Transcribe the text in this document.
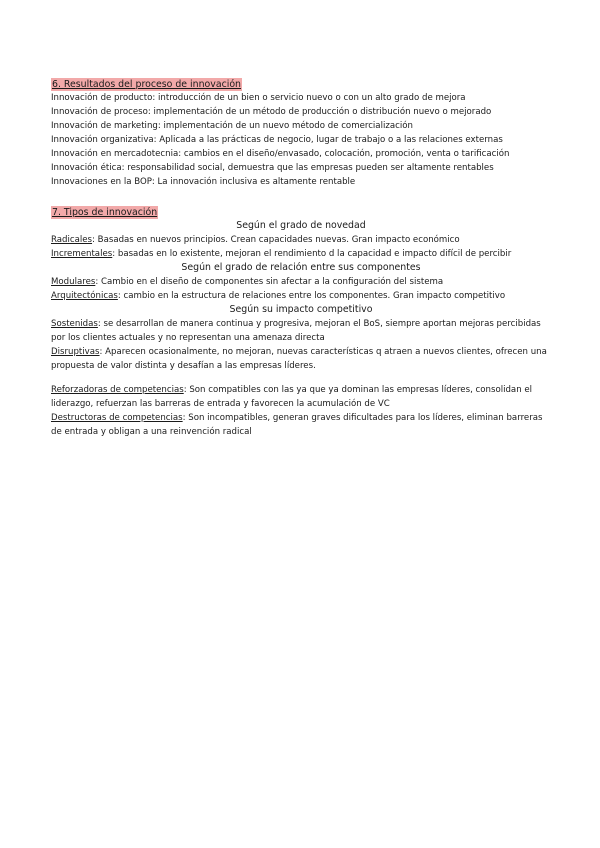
6. Resultados del proceso de innovación

Innovación de producto: introducción de un bien o servicio nuevo o con un alto grado de mejora

Innovación de proceso: implementación de un método de producción o distribución nuevo o mejorado

Innovación de marketing: implementación de un nuevo método de comercialización

Innovación organizativa: Aplicada a las prácticas de negocio, lugar de trabajo o a las relaciones externas

Innovación en mercadotecnia: cambios en el diseño/envasado, colocación, promoción, venta o tarificación

Innovación ética: responsabilidad social, demuestra que las empresas pueden ser altamente rentables

Innovaciones en la BOP: La innovación inclusiva es altamente rentable

7. Tipos de innovación

Según el grado de novedad

Radicales: Basadas en nuevos principios. Crean capacidades nuevas. Gran impacto económico

Incrementales: basadas en lo existente, mejoran el rendimiento d la capacidad e impacto difícil de percibir

Según el grado de relación entre sus componentes

Modulares: Cambio en el diseño de componentes sin afectar a la configuración del sistema

Arquitectónicas: cambio en la estructura de relaciones entre los componentes. Gran impacto competitivo

Según su impacto competitivo

Sostenidas: se desarrollan de manera continua y progresiva, mejoran el BoS, siempre aportan mejoras percibidas por los clientes actuales y no representan una amenaza directa

Disruptivas: Aparecen ocasionalmente, no mejoran, nuevas características q atraen a nuevos clientes, ofrecen una propuesta de valor distinta y desafían a las empresas líderes.

Reforzadoras de competencias: Son compatibles con las ya que ya dominan las empresas líderes, consolidan el liderazgo, refuerzan las barreras de entrada y favorecen la acumulación de VC

Destructoras de competencias: Son incompatibles, generan graves dificultades para los líderes, eliminan barreras de entrada y obligan a una reinvención radical
